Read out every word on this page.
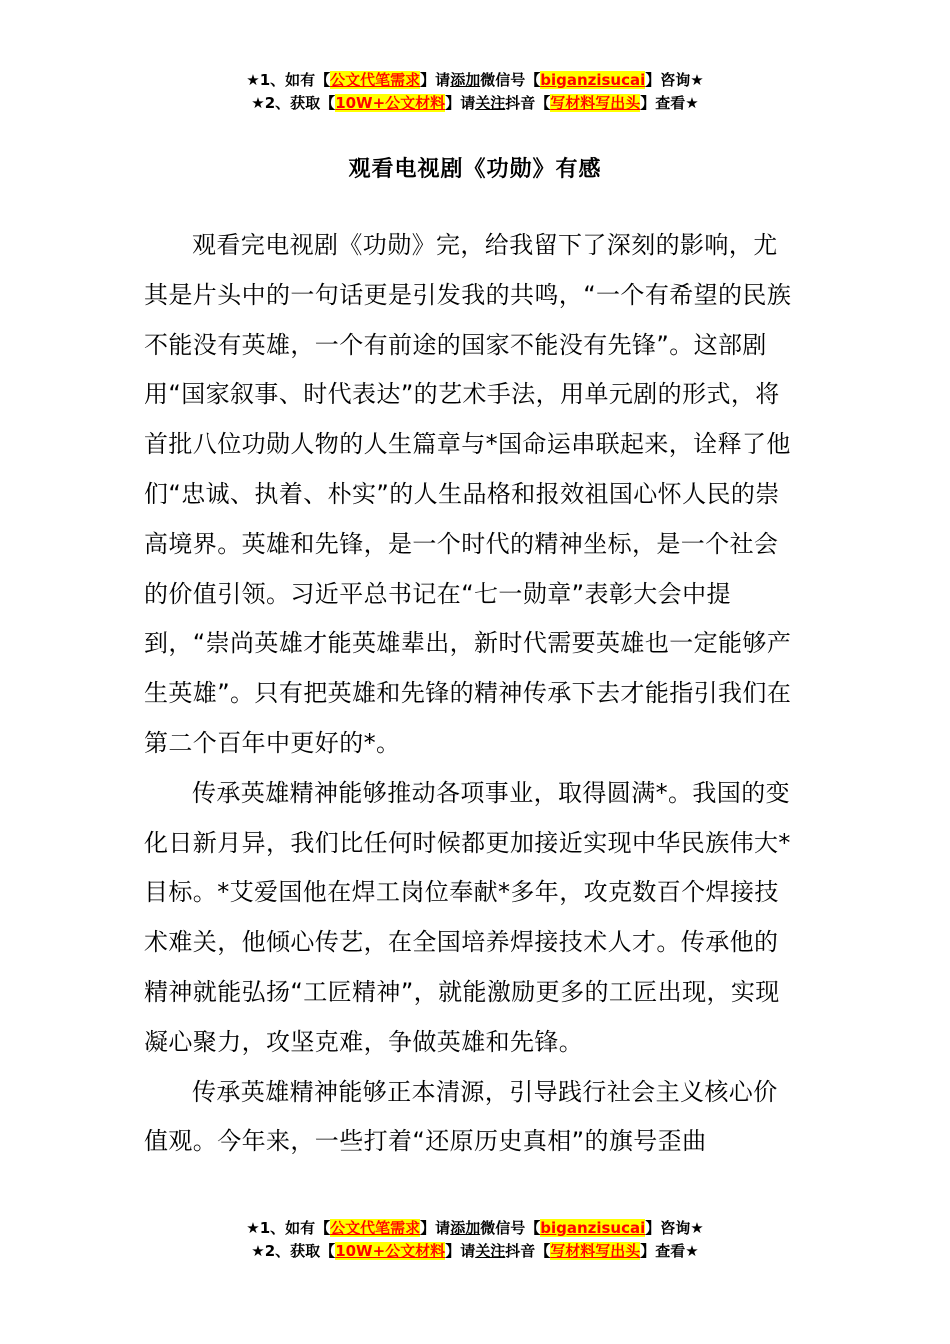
★1、如有【公文代笔需求】请添加微信号【biganzisucai】咨询★
★2、获取【10W+公文材料】请关注抖音【写材料写出头】查看★
观看电视剧《功勋》有感

观看完电视剧《功勋》完，给我留下了深刻的影响，尤其是片头中的一句话更是引发我的共鸣，“一个有希望的民族不能没有英雄，一个有前途的国家不能没有先锋”。这部剧用“国家叙事、时代表达”的艺术手法，用单元剧的形式，将首批八位功勋人物的人生篇章与*国命运串联起来，诠释了他们“忠诚、执着、朴实”的人生品格和报效祖国心怀人民的崇高境界。英雄和先锋，是一个时代的精神坐标，是一个社会的价值引领。习近平总书记在“七一勋章”表彰大会中提到，“崇尚英雄才能英雄辈出，新时代需要英雄也一定能够产生英雄”。只有把英雄和先锋的精神传承下去才能指引我们在第二个百年中更好的*。

传承英雄精神能够推动各项事业，取得圆满*。我国的变化日新月异，我们比任何时候都更加接近实现中华民族伟大*目标。*艾爱国他在焊工岗位奉献*多年，攻克数百个焊接技术难关，他倾心传艺，在全国培养焊接技术人才。传承他的精神就能弘扬“工匠精神”，就能激励更多的工匠出现，实现凝心聚力，攻坚克难，争做英雄和先锋。

传承英雄精神能够正本清源，引导践行社会主义核心价值观。今年来，一些打着“还原历史真相”的旗号歪曲

★1、如有【公文代笔需求】请添加微信号【biganzisucai】咨询★
★2、获取【10W+公文材料】请关注抖音【写材料写出头】查看★
